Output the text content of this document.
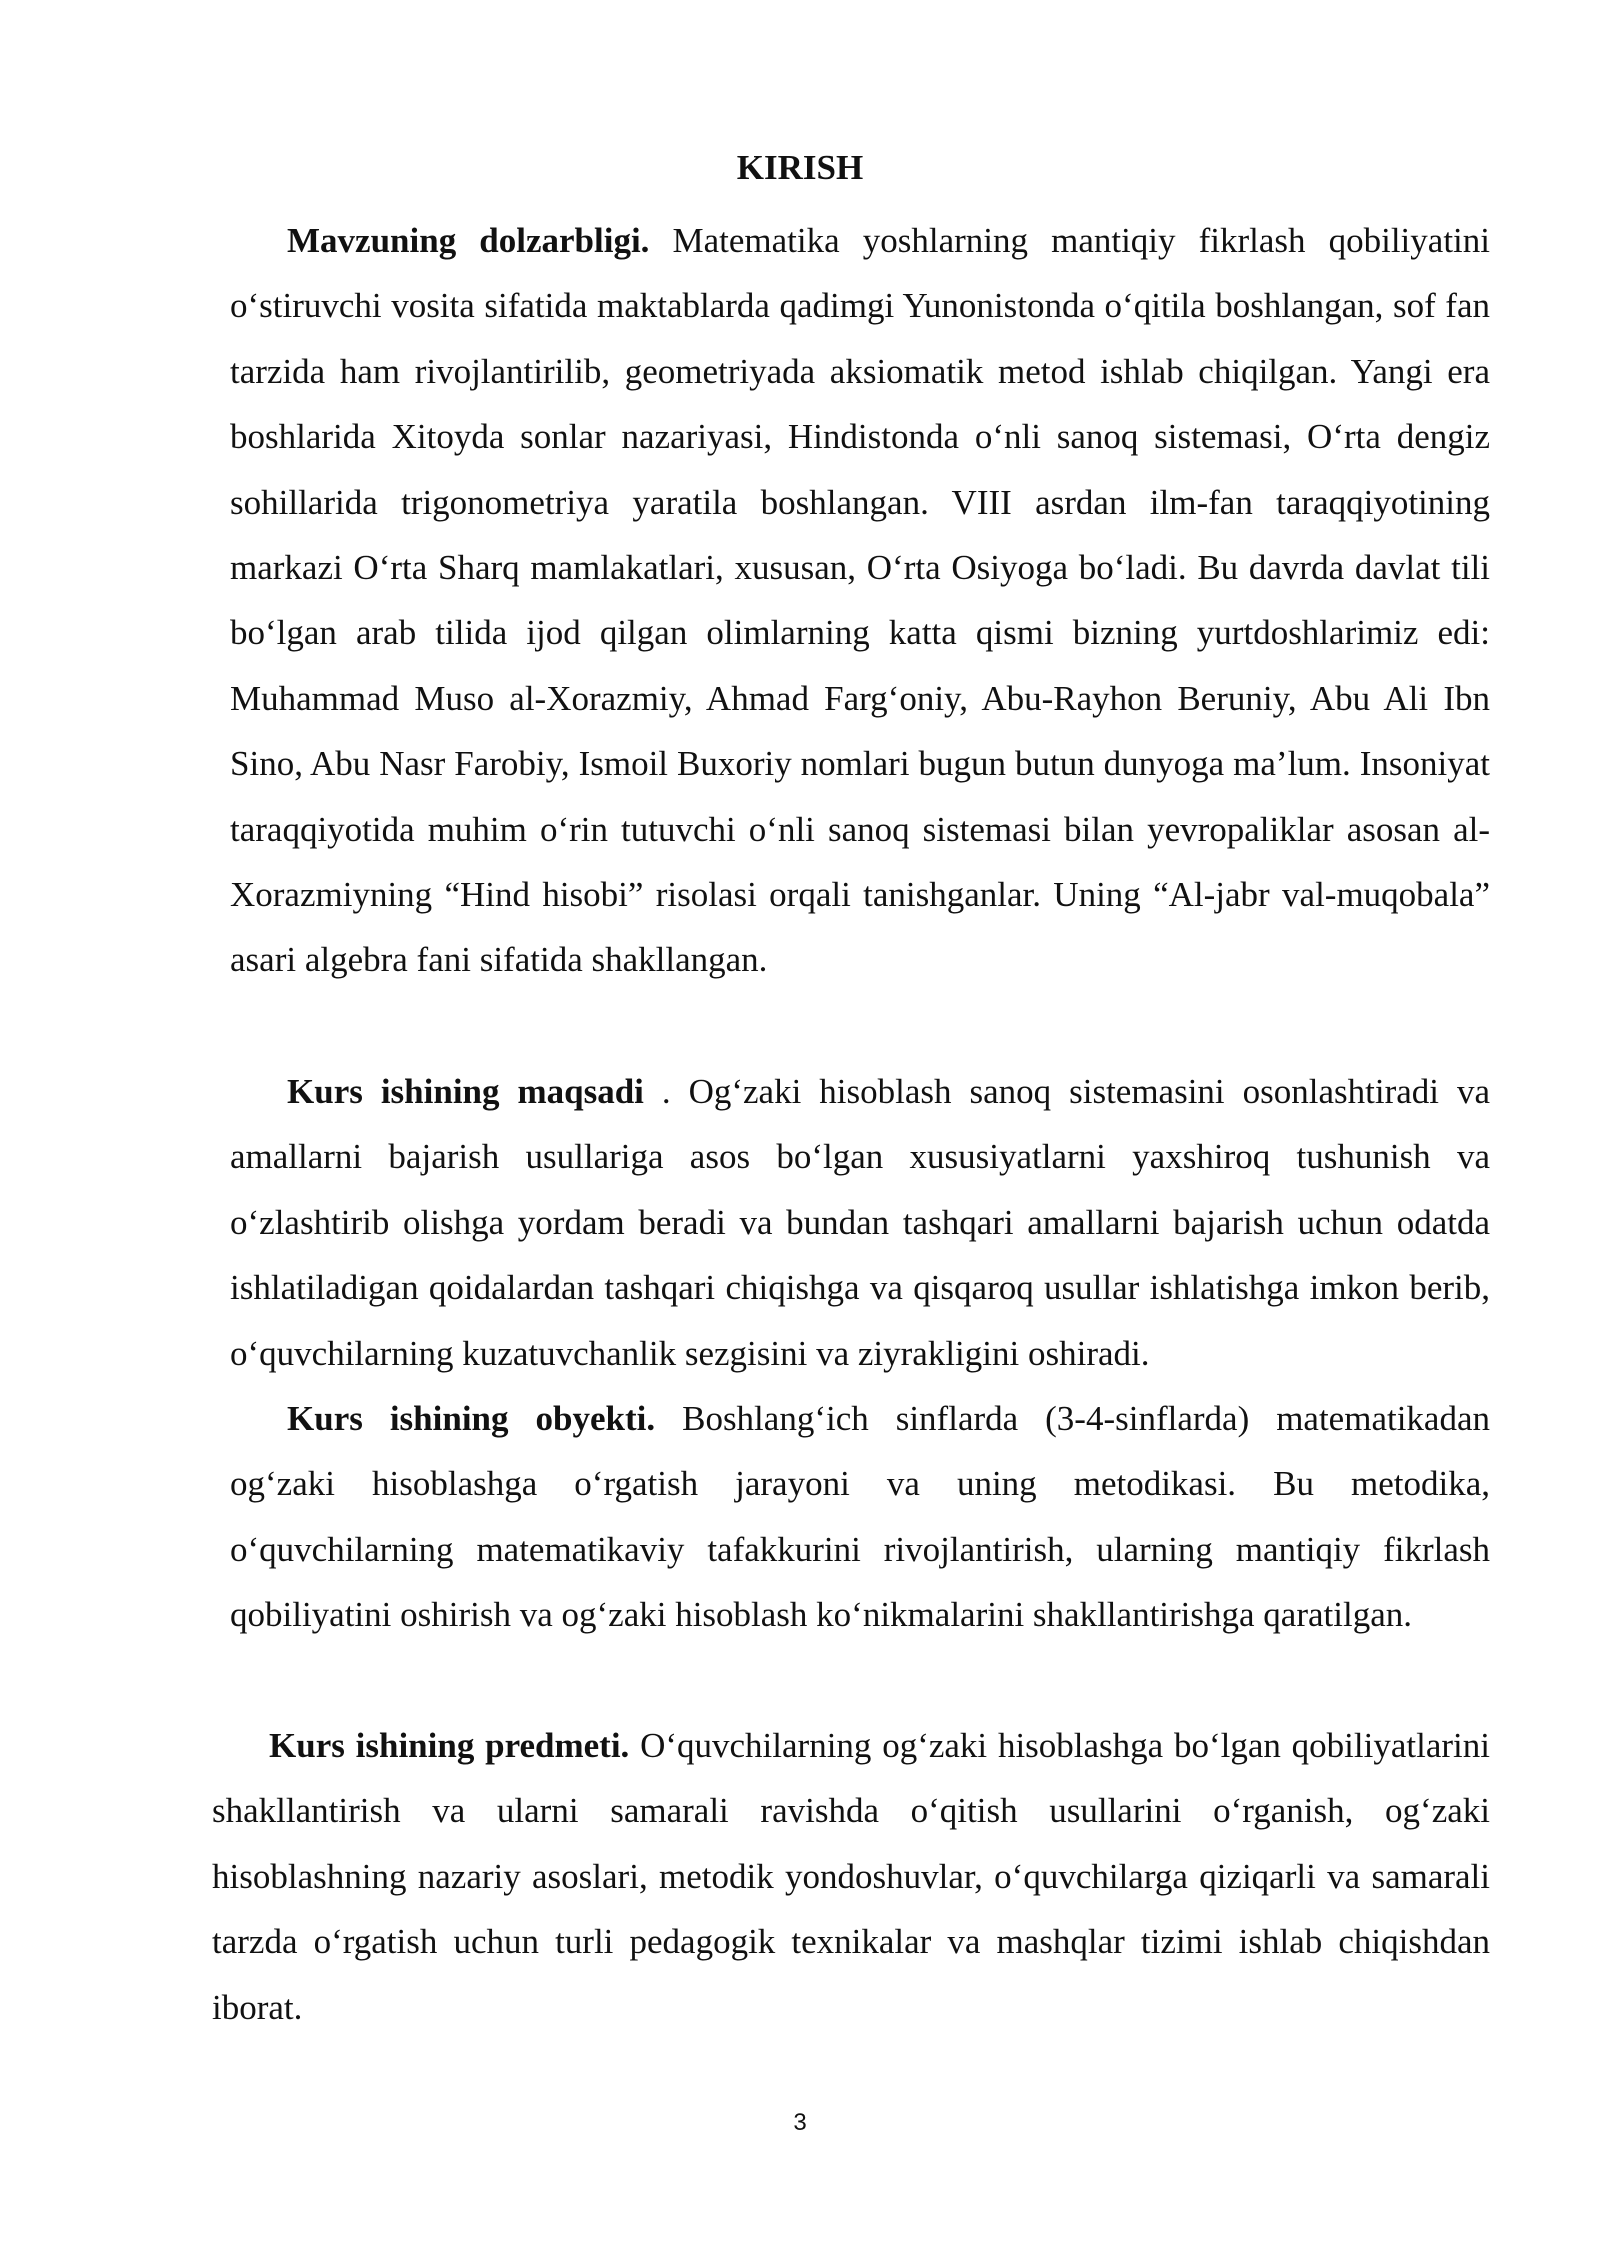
KIRISH

Mavzuning dolzarbligi. Matematika yoshlarning mantiqiy fikrlash qobiliyatini o‘stiruvchi vosita sifatida maktablarda qadimgi Yunonistonda o‘qitila boshlangan, sof fan tarzida ham rivojlantirilib, geometriyada aksiomatik metod ishlab chiqilgan. Yangi era boshlarida Xitoyda sonlar nazariyasi, Hindistonda o‘nli sanoq sistemasi, O‘rta dengiz sohillarida trigonometriya yaratila boshlangan. VIII asrdan ilm-fan taraqqiyotining markazi O‘rta Sharq mamlakatlari, xususan, O‘rta Osiyoga bo‘ladi. Bu davrda davlat tili bo‘lgan arab tilida ijod qilgan olimlarning katta qismi bizning yurtdoshlarimiz edi: Muhammad Muso al-Xorazmiy, Ahmad Farg‘oniy, Abu-Rayhon Beruniy, Abu Ali Ibn Sino, Abu Nasr Farobiy, Ismoil Buxoriy nomlari bugun butun dunyoga ma’lum. Insoniyat taraqqiyotida muhim o‘rin tutuvchi o‘nli sanoq sistemasi bilan yevropaliklar asosan al-Xorazmiyning “Hind hisobi” risolasi orqali tanishganlar. Uning “Al-jabr val-muqobala” asari algebra fani sifatida shakllangan.

Kurs ishining maqsadi . Og‘zaki hisoblash sanoq sistemasini osonlashtiradi va amallarni bajarish usullariga asos bo‘lgan xususiyatlarni yaxshiroq tushunish va o‘zlashtirib olishga yordam beradi va bundan tashqari amallarni bajarish uchun odatda ishlatiladigan qoidalardan tashqari chiqishga va qisqaroq usullar ishlatishga imkon berib, o‘quvchilarning kuzatuvchanlik sezgisini va ziyrakligini oshiradi.

Kurs ishining obyekti. Boshlang‘ich sinflarda (3-4-sinflarda) matematikadan og‘zaki hisoblashga o‘rgatish jarayoni va uning metodikasi. Bu metodika, o‘quvchilarning matematikaviy tafakkurini rivojlantirish, ularning mantiqiy fikrlash qobiliyatini oshirish va og‘zaki hisoblash ko‘nikmalarini shakllantirishga qaratilgan.

Kurs ishining predmeti. O‘quvchilarning og‘zaki hisoblashga bo‘lgan qobiliyatlarini shakllantirish va ularni samarali ravishda o‘qitish usullarini o‘rganish, og‘zaki hisoblashning nazariy asoslari, metodik yondoshuvlar, o‘quvchilarga qiziqarli va samarali tarzda o‘rgatish uchun turli pedagogik texnikalar va mashqlar tizimi ishlab chiqishdan iborat.

3
